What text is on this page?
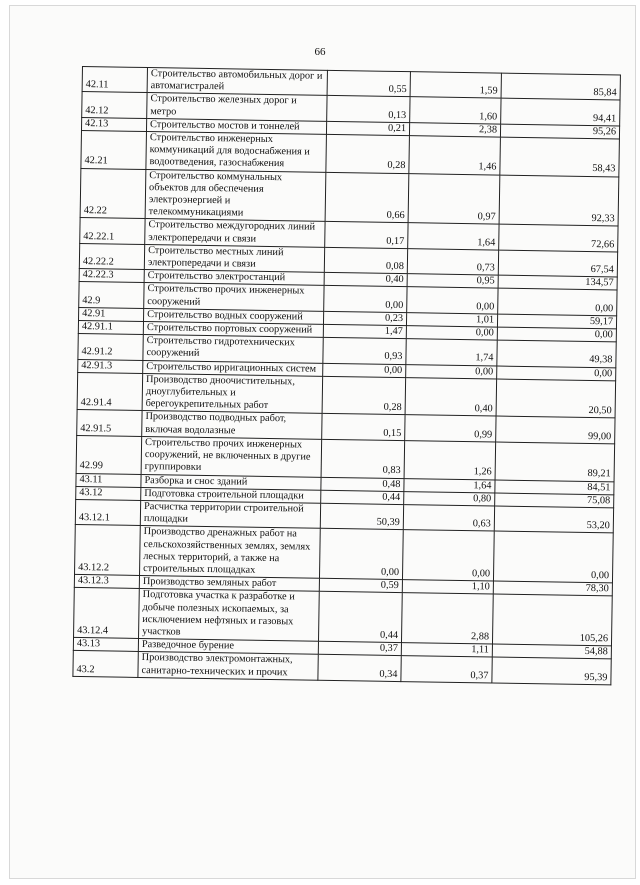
66
42.11	Строительство автомобильных дорог и автомагистралей	0,55	1,59	85,84
42.12	Строительство железных дорог и метро	0,13	1,60	94,41
42.13	Строительство мостов и тоннелей	0,21	2,38	95,26
42.21	Строительство инженерных коммуникаций для водоснабжения и водоотведения, газоснабжения	0,28	1,46	58,43
42.22	Строительство коммунальных объектов для обеспечения электроэнергией и телекоммуникациями	0,66	0,97	92,33
42.22.1	Строительство междугородних линий электропередачи и связи	0,17	1,64	72,66
42.22.2	Строительство местных линий электропередачи и связи	0,08	0,73	67,54
42.22.3	Строительство электростанций	0,40	0,95	134,57
42.9	Строительство прочих инженерных сооружений	0,00	0,00	0,00
42.91	Строительство водных сооружений	0,23	1,01	59,17
42.91.1	Строительство портовых сооружений	1,47	0,00	0,00
42.91.2	Строительство гидротехнических сооружений	0,93	1,74	49,38
42.91.3	Строительство ирригационных систем	0,00	0,00	0,00
42.91.4	Производство дноочистительных, дноуглубительных и берегоукрепительных работ	0,28	0,40	20,50
42.91.5	Производство подводных работ, включая водолазные	0,15	0,99	99,00
42.99	Строительство прочих инженерных сооружений, не включенных в другие группировки	0,83	1,26	89,21
43.11	Разборка и снос зданий	0,48	1,64	84,51
43.12	Подготовка строительной площадки	0,44	0,80	75,08
43.12.1	Расчистка территории строительной площадки	50,39	0,63	53,20
43.12.2	Производство дренажных работ на сельскохозяйственных землях, землях лесных территорий, а также на строительных площадках	0,00	0,00	0,00
43.12.3	Производство земляных работ	0,59	1,10	78,30
43.12.4	Подготовка участка к разработке и добыче полезных ископаемых, за исключением нефтяных и газовых участков	0,44	2,88	105,26
43.13	Разведочное бурение	0,37	1,11	54,88
43.2	Производство электромонтажных, санитарно-технических и прочих	0,34	0,37	95,39
